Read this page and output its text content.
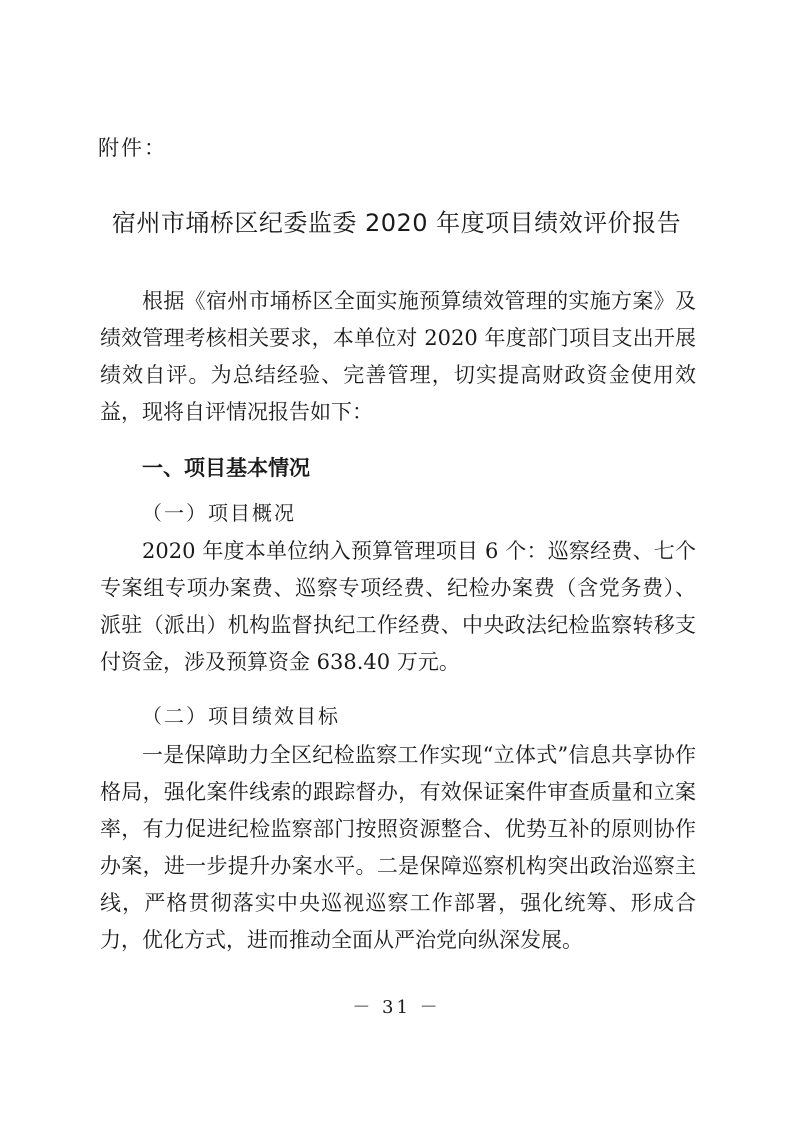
附件：
宿州市埇桥区纪委监委 2020 年度项目绩效评价报告

根据《宿州市埇桥区全面实施预算绩效管理的实施方案》及绩效管理考核相关要求，本单位对 2020 年度部门项目支出开展绩效自评。为总结经验、完善管理，切实提高财政资金使用效益，现将自评情况报告如下：

一、项目基本情况
（一）项目概况

2020 年度本单位纳入预算管理项目 6 个：巡察经费、七个专案组专项办案费、巡察专项经费、纪检办案费（含党务费）、派驻（派出）机构监督执纪工作经费、中央政法纪检监察转移支付资金，涉及预算资金 638.40 万元。

（二）项目绩效目标

一是保障助力全区纪检监察工作实现“立体式”信息共享协作格局，强化案件线索的跟踪督办，有效保证案件审查质量和立案率，有力促进纪检监察部门按照资源整合、优势互补的原则协作办案，进一步提升办案水平。二是保障巡察机构突出政治巡察主线，严格贯彻落实中央巡视巡察工作部署，强化统筹、形成合力，优化方式，进而推动全面从严治党向纵深发展。

－ 31 －
